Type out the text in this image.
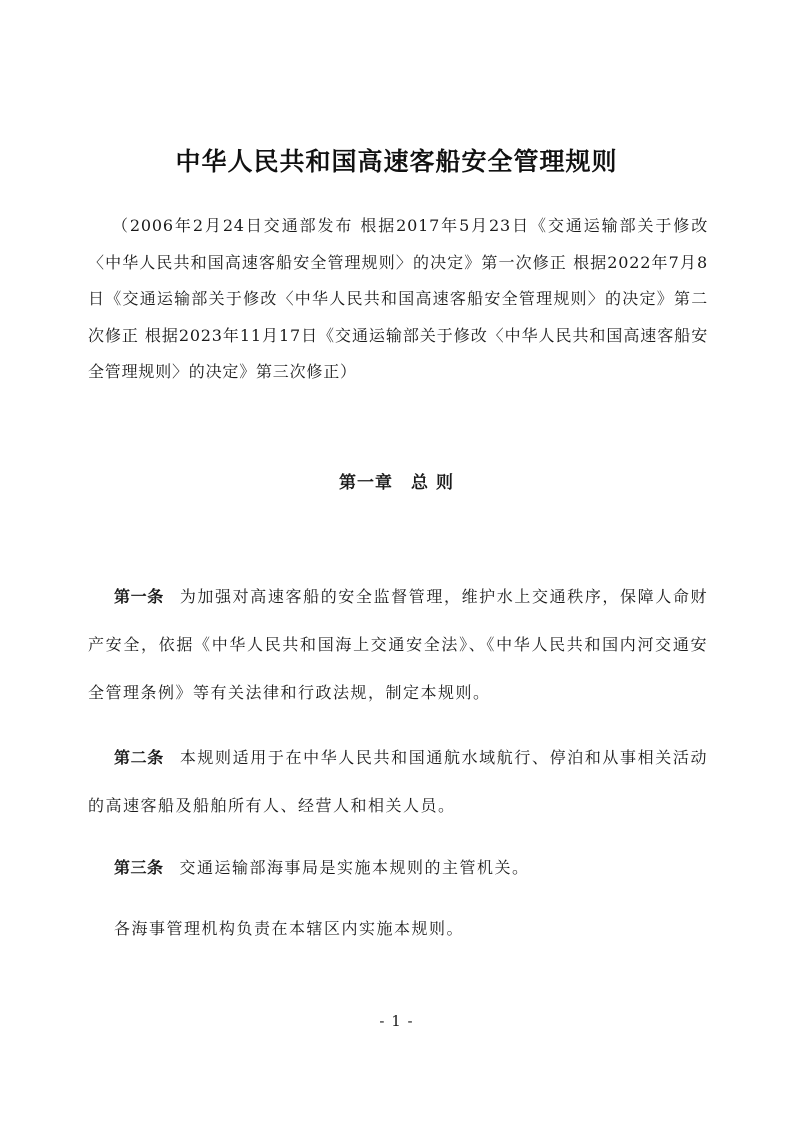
中华人民共和国高速客船安全管理规则
（2006年2月24日交通部发布 根据2017年5月23日《交通运输部关于修改〈中华人民共和国高速客船安全管理规则〉的决定》第一次修正 根据2022年7月8日《交通运输部关于修改〈中华人民共和国高速客船安全管理规则〉的决定》第二次修正 根据2023年11月17日《交通运输部关于修改〈中华人民共和国高速客船安全管理规则〉的决定》第三次修正）
第一章 总 则
第一条 为加强对高速客船的安全监督管理，维护水上交通秩序，保障人命财产安全，依据《中华人民共和国海上交通安全法》、《中华人民共和国内河交通安全管理条例》等有关法律和行政法规，制定本规则。
第二条 本规则适用于在中华人民共和国通航水域航行、停泊和从事相关活动的高速客船及船舶所有人、经营人和相关人员。
第三条 交通运输部海事局是实施本规则的主管机关。
各海事管理机构负责在本辖区内实施本规则。
- 1 -
